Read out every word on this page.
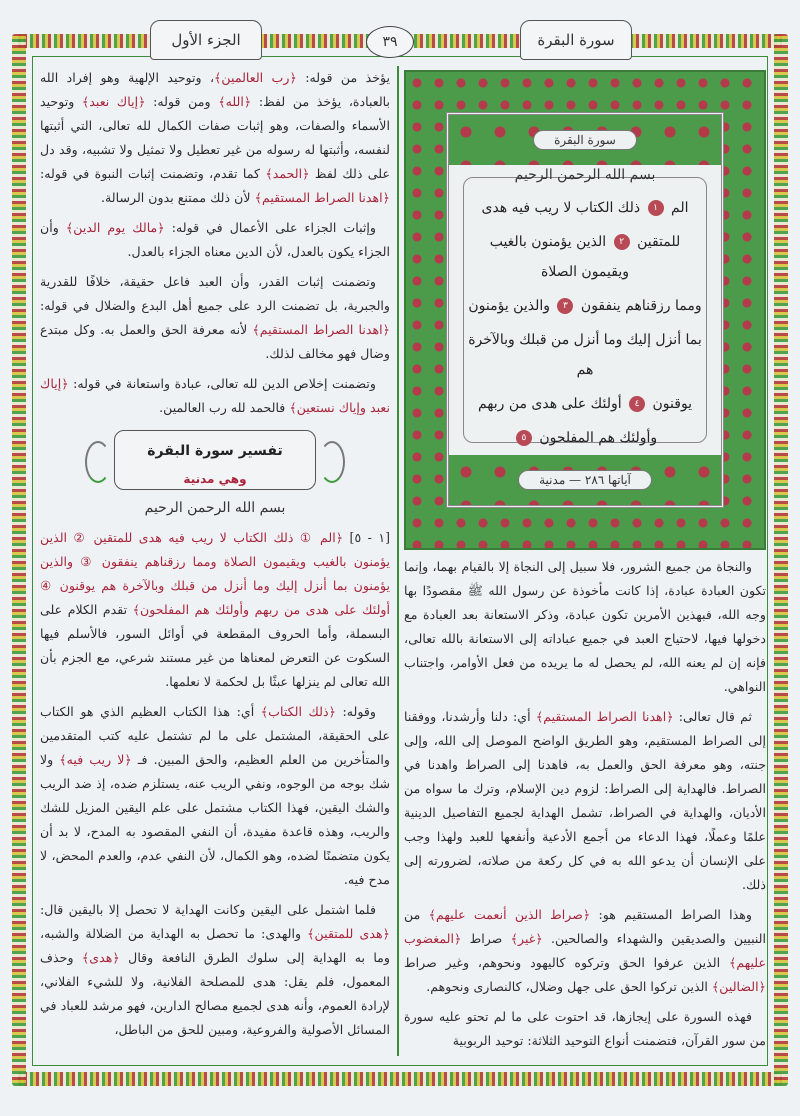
سورة البقرة
٣٩
الجزء الأول
سورة البقرة
بسم الله الرحمن الرحيم
الم ١ ذلك الكتاب لا ريب فيه هدى
للمتقين ٢ الذين يؤمنون بالغيب ويقيمون الصلاة
ومما رزقناهم ينفقون ٣ والذين يؤمنون
بما أنزل إليك وما أنزل من قبلك وبالآخرة هم
يوقنون ٤ أولئك على هدى من ربهم
وأولئك هم المفلحون ٥
آياتها ٢٨٦ — مدنية

والنجاة من جميع الشرور، فلا سبيل إلى النجاة إلا بالقيام بهما، وإنما تكون العبادة عبادة، إذا كانت مأخوذة عن رسول الله ﷺ مقصودًا بها وجه الله، فبهذين الأمرين تكون عبادة، وذكر الاستعانة بعد العبادة مع دخولها فيها، لاحتياج العبد في جميع عباداته إلى الاستعانة بالله تعالى، فإنه إن لم يعنه الله، لم يحصل له ما يريده من فعل الأوامر، واجتناب النواهي.

ثم قال تعالى: ﴿اهدنا الصراط المستقيم﴾ أي: دلنا وأرشدنا، ووفقنا إلى الصراط المستقيم، وهو الطريق الواضح الموصل إلى الله، وإلى جنته، وهو معرفة الحق والعمل به، فاهدنا إلى الصراط واهدنا في الصراط. فالهداية إلى الصراط: لزوم دين الإسلام، وترك ما سواه من الأديان، والهداية في الصراط، تشمل الهداية لجميع التفاصيل الدينية علمًا وعملًا، فهذا الدعاء من أجمع الأدعية وأنفعها للعبد ولهذا وجب على الإنسان أن يدعو الله به في كل ركعة من صلاته، لضرورته إلى ذلك.

وهذا الصراط المستقيم هو: ﴿صراط الذين أنعمت عليهم﴾ من النبيين والصديقين والشهداء والصالحين. ﴿غير﴾ صراط ﴿المغضوب عليهم﴾ الذين عرفوا الحق وتركوه كاليهود ونحوهم، وغير صراط ﴿الضالين﴾ الذين تركوا الحق على جهل وضلال، كالنصارى ونحوهم.

فهذه السورة على إيجازها، قد احتوت على ما لم تحتو عليه سورة من سور القرآن، فتضمنت أنواع التوحيد الثلاثة: توحيد الربوبية

يؤخذ من قوله: ﴿رب العالمين﴾، وتوحيد الإلهية وهو إفراد الله بالعبادة، يؤخذ من لفظ: ﴿الله﴾ ومن قوله: ﴿إياك نعبد﴾ وتوحيد الأسماء والصفات، وهو إثبات صفات الكمال لله تعالى، التي أثبتها لنفسه، وأثبتها له رسوله من غير تعطيل ولا تمثيل ولا تشبيه، وقد دل على ذلك لفظ ﴿الحمد﴾ كما تقدم، وتضمنت إثبات النبوة في قوله: ﴿اهدنا الصراط المستقيم﴾ لأن ذلك ممتنع بدون الرسالة.

وإثبات الجزاء على الأعمال في قوله: ﴿مالك يوم الدين﴾ وأن الجزاء يكون بالعدل، لأن الدين معناه الجزاء بالعدل.

وتضمنت إثبات القدر، وأن العبد فاعل حقيقة، خلافًا للقدرية والجبرية، بل تضمنت الرد على جميع أهل البدع والضلال في قوله: ﴿اهدنا الصراط المستقيم﴾ لأنه معرفة الحق والعمل به. وكل مبتدع وضال فهو مخالف لذلك.

وتضمنت إخلاص الدين لله تعالى، عبادة واستعانة في قوله: ﴿إياك نعبد وإياك نستعين﴾ فالحمد لله رب العالمين.

تفسير سورة البقرة
وهي مدنية
بسم الله الرحمن الرحيم

[١ - ٥] ﴿الم ① ذلك الكتاب لا ريب فيه هدى للمتقين ② الذين يؤمنون بالغيب ويقيمون الصلاة ومما رزقناهم ينفقون ③ والذين يؤمنون بما أنزل إليك وما أنزل من قبلك وبالآخرة هم يوقنون ④ أولئك على هدى من ربهم وأولئك هم المفلحون﴾ تقدم الكلام على البسملة، وأما الحروف المقطعة في أوائل السور، فالأسلم فيها السكوت عن التعرض لمعناها من غير مستند شرعي، مع الجزم بأن الله تعالى لم ينزلها عبثًا بل لحكمة لا نعلمها.

وقوله: ﴿ذلك الكتاب﴾ أي: هذا الكتاب العظيم الذي هو الكتاب على الحقيقة، المشتمل على ما لم تشتمل عليه كتب المتقدمين والمتأخرين من العلم العظيم، والحق المبين. فـ ﴿لا ريب فيه﴾ ولا شك بوجه من الوجوه، ونفي الريب عنه، يستلزم ضده، إذ ضد الريب والشك اليقين، فهذا الكتاب مشتمل على علم اليقين المزيل للشك والريب، وهذه قاعدة مفيدة، أن النفي المقصود به المدح، لا بد أن يكون متضمنًا لضده، وهو الكمال، لأن النفي عدم، والعدم المحض، لا مدح فيه.

فلما اشتمل على اليقين وكانت الهداية لا تحصل إلا باليقين قال: ﴿هدى للمتقين﴾ والهدى: ما تحصل به الهداية من الضلالة والشبه، وما به الهداية إلى سلوك الطرق النافعة وقال ﴿هدى﴾ وحذف المعمول، فلم يقل: هدى للمصلحة الفلانية، ولا للشيء الفلاني، لإرادة العموم، وأنه هدى لجميع مصالح الدارين، فهو مرشد للعباد في المسائل الأصولية والفروعية، ومبين للحق من الباطل،
